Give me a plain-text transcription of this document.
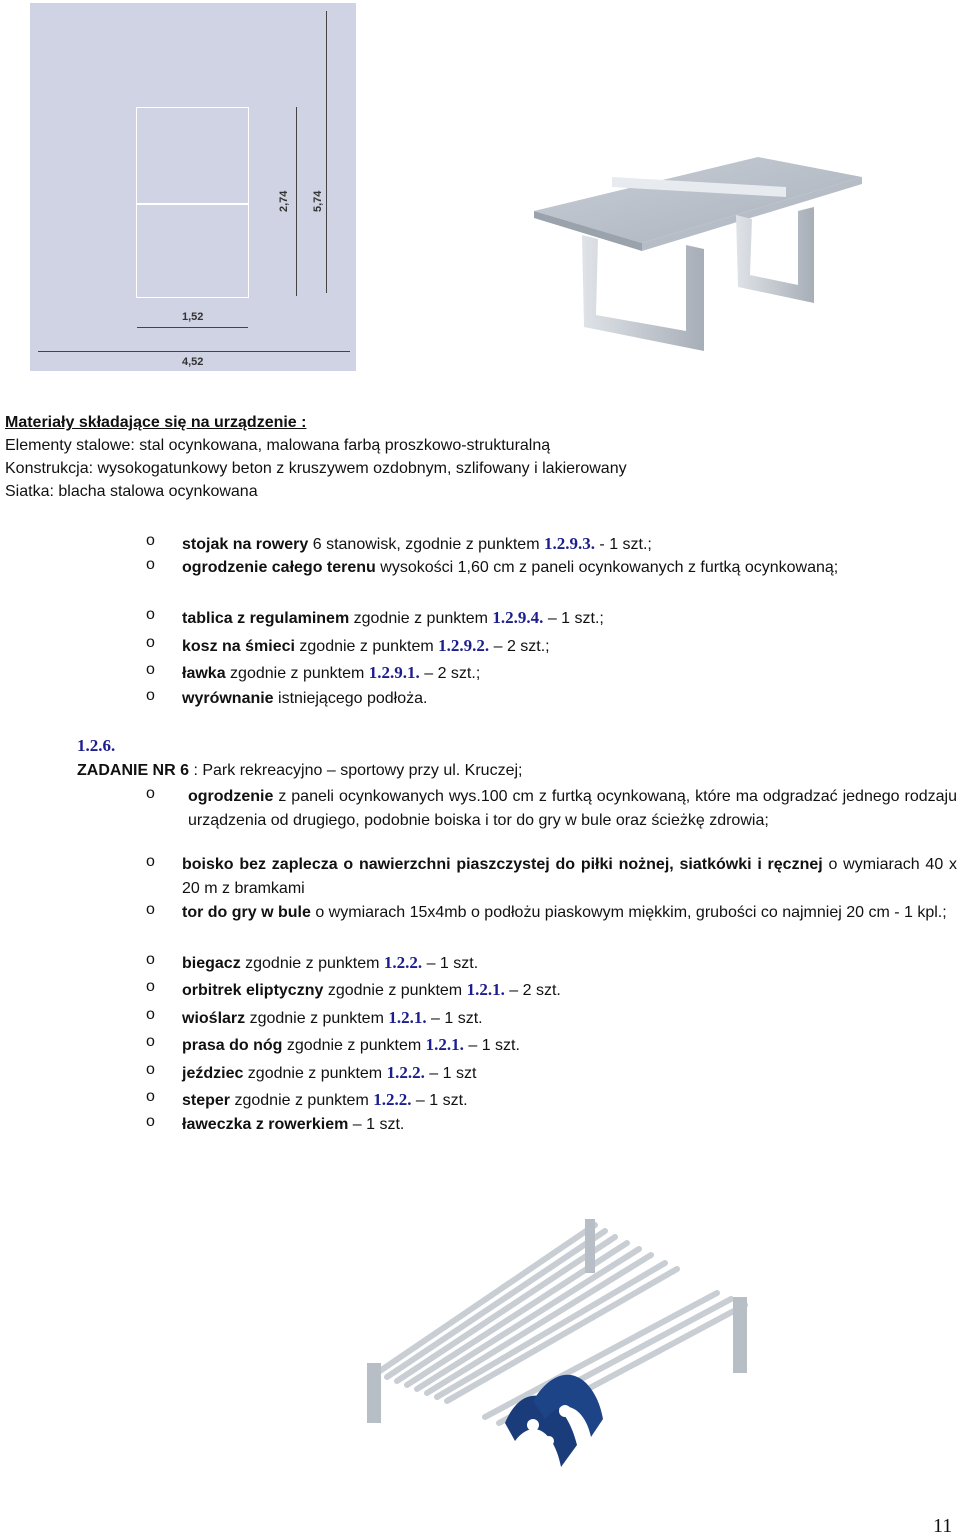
2,74 5,74
1,52
4,52
Materiały składające się na urządzenie :
Elementy stalowe: stal ocynkowana, malowana farbą proszkowo-strukturalną
Konstrukcja: wysokogatunkowy beton z kruszywem ozdobnym, szlifowany i lakierowany
Siatka: blacha stalowa ocynkowana
o stojak na rowery 6 stanowisk, zgodnie z punktem 1.2.9.3. - 1 szt.;
o ogrodzenie całego terenu wysokości 1,60 cm z paneli ocynkowanych z furtką ocynkowaną;
o tablica z regulaminem zgodnie z punktem 1.2.9.4. – 1 szt.;
o kosz na śmieci zgodnie z punktem 1.2.9.2. – 2 szt.;
o ławka zgodnie z punktem 1.2.9.1. – 2 szt.;
o wyrównanie istniejącego podłoża.
1.2.6.
ZADANIE NR 6 : Park rekreacyjno – sportowy przy ul. Kruczej;
o ogrodzenie z paneli ocynkowanych wys.100 cm z furtką ocynkowaną, które ma odgradzać jednego rodzaju urządzenia od drugiego, podobnie boiska i tor do gry w bule oraz ścieżkę zdrowia;
o boisko bez zaplecza o nawierzchni piaszczystej do piłki nożnej, siatkówki i ręcznej o wymiarach 40 x 20 m z bramkami
o tor do gry w bule o wymiarach 15x4mb o podłożu piaskowym miękkim, grubości co najmniej 20 cm - 1 kpl.;
o biegacz zgodnie z punktem 1.2.2. – 1 szt.
o orbitrek eliptyczny zgodnie z punktem 1.2.1. – 2 szt.
o wioślarz zgodnie z punktem 1.2.1. – 1 szt.
o prasa do nóg zgodnie z punktem 1.2.1. – 1 szt.
o jeździec zgodnie z punktem 1.2.2. – 1 szt
o steper zgodnie z punktem 1.2.2. – 1 szt.
o ławeczka z rowerkiem – 1 szt.
11
